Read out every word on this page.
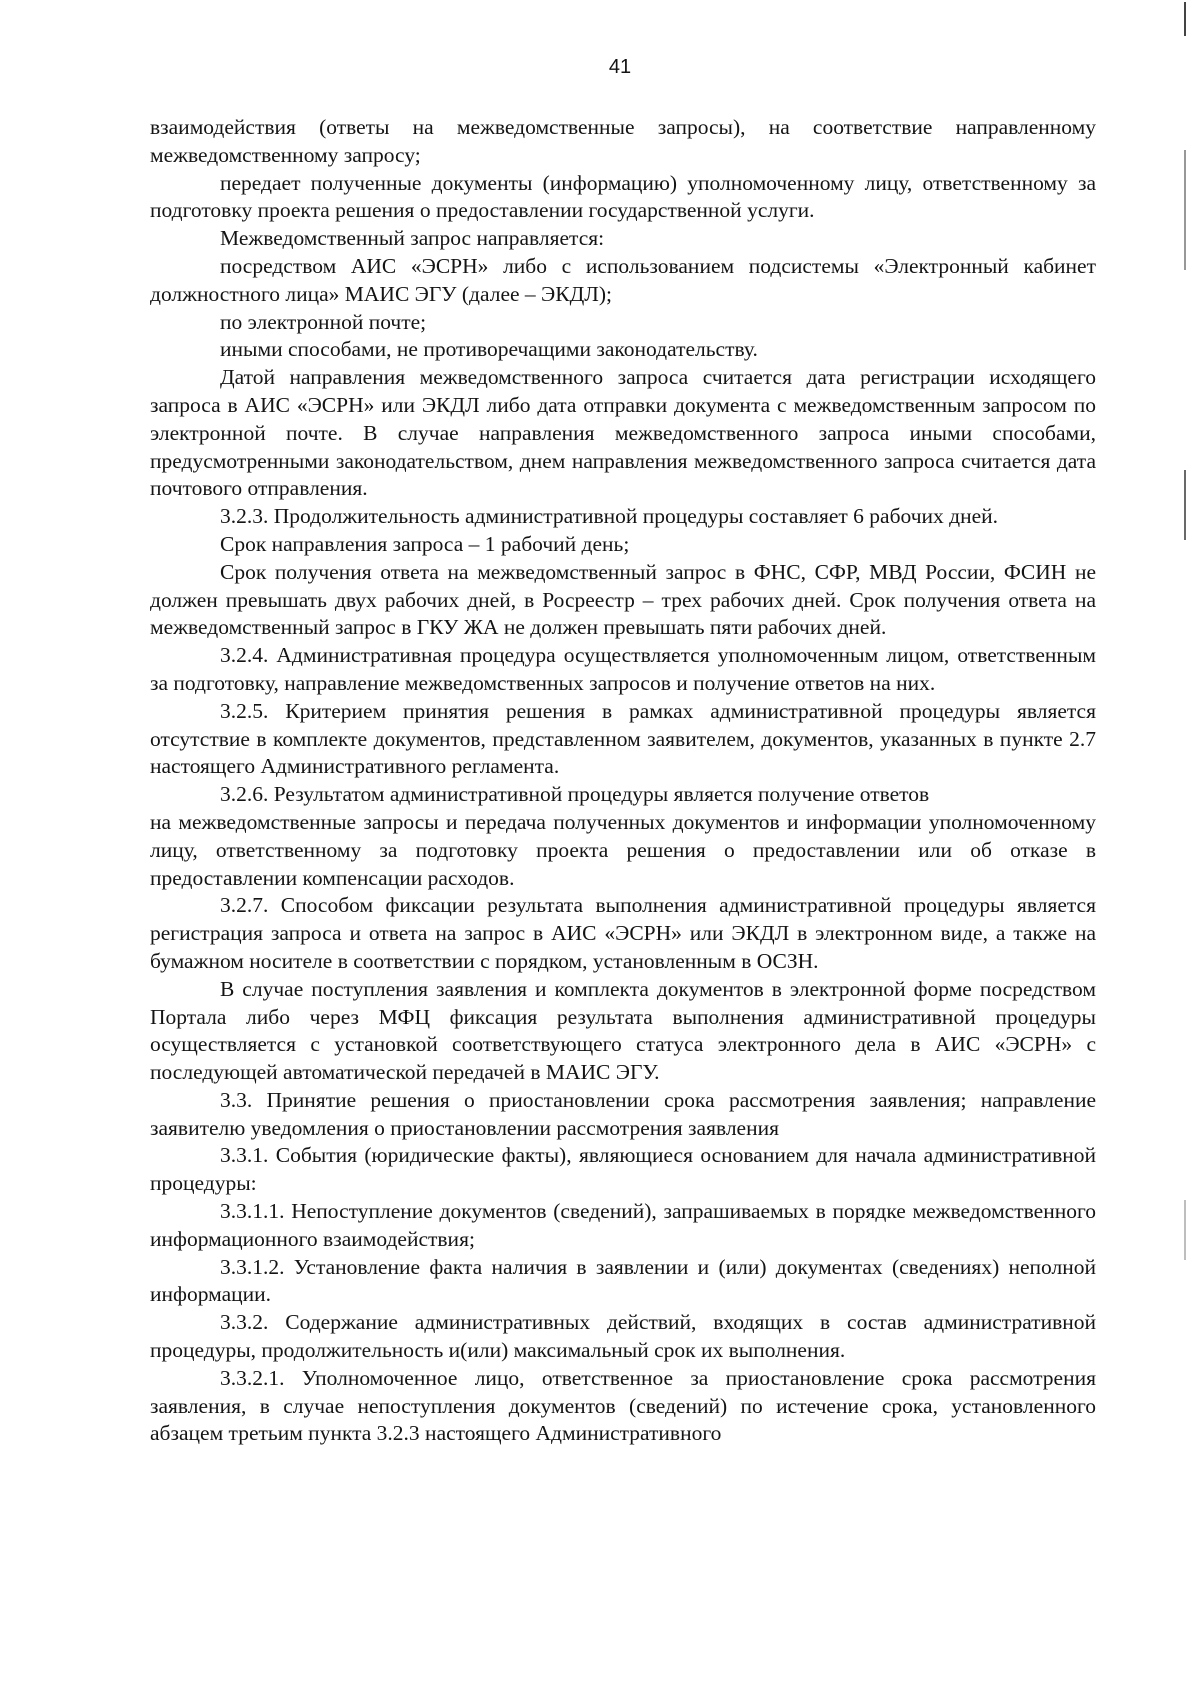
41

взаимодействия (ответы на межведомственные запросы), на соответствие направленному межведомственному запросу;

передает полученные документы (информацию) уполномоченному лицу, ответственному за подготовку проекта решения о предоставлении государственной услуги.

Межведомственный запрос направляется:

посредством АИС «ЭСРН» либо с использованием подсистемы «Электронный кабинет должностного лица» МАИС ЭГУ (далее – ЭКДЛ);

по электронной почте;

иными способами, не противоречащими законодательству.

Датой направления межведомственного запроса считается дата регистрации исходящего запроса в АИС «ЭСРН» или ЭКДЛ либо дата отправки документа с межведомственным запросом по электронной почте. В случае направления межведомственного запроса иными способами, предусмотренными законодательством, днем направления межведомственного запроса считается дата почтового отправления.

3.2.3. Продолжительность административной процедуры составляет 6 рабочих дней.

Срок направления запроса – 1 рабочий день;

Срок получения ответа на межведомственный запрос в ФНС, СФР, МВД России, ФСИН не должен превышать двух рабочих дней, в Росреестр – трех рабочих дней. Срок получения ответа на межведомственный запрос в ГКУ ЖА не должен превышать пяти рабочих дней.

3.2.4. Административная процедура осуществляется уполномоченным лицом, ответственным за подготовку, направление межведомственных запросов и получение ответов на них.

3.2.5. Критерием принятия решения в рамках административной процедуры является отсутствие в комплекте документов, представленном заявителем, документов, указанных в пункте 2.7 настоящего Административного регламента.

3.2.6. Результатом административной процедуры является получение ответов

на межведомственные запросы и передача полученных документов и информации уполномоченному лицу, ответственному за подготовку проекта решения о предоставлении или об отказе в предоставлении компенсации расходов.

3.2.7. Способом фиксации результата выполнения административной процедуры является регистрация запроса и ответа на запрос в АИС «ЭСРН» или ЭКДЛ в электронном виде, а также на бумажном носителе в соответствии с порядком, установленным в ОСЗН.

В случае поступления заявления и комплекта документов в электронной форме посредством Портала либо через МФЦ фиксация результата выполнения административной процедуры осуществляется с установкой соответствующего статуса электронного дела в АИС «ЭСРН» с последующей автоматической передачей в МАИС ЭГУ.

3.3. Принятие решения о приостановлении срока рассмотрения заявления; направление заявителю уведомления о приостановлении рассмотрения заявления

3.3.1. События (юридические факты), являющиеся основанием для начала административной процедуры:

3.3.1.1. Непоступление документов (сведений), запрашиваемых в порядке межведомственного информационного взаимодействия;

3.3.1.2. Установление факта наличия в заявлении и (или) документах (сведениях) неполной информации.

3.3.2. Содержание административных действий, входящих в состав административной процедуры, продолжительность и(или) максимальный срок их выполнения.

3.3.2.1. Уполномоченное лицо, ответственное за приостановление срока рассмотрения заявления, в случае непоступления документов (сведений) по истечение срока, установленного абзацем третьим пункта 3.2.3 настоящего Административного
